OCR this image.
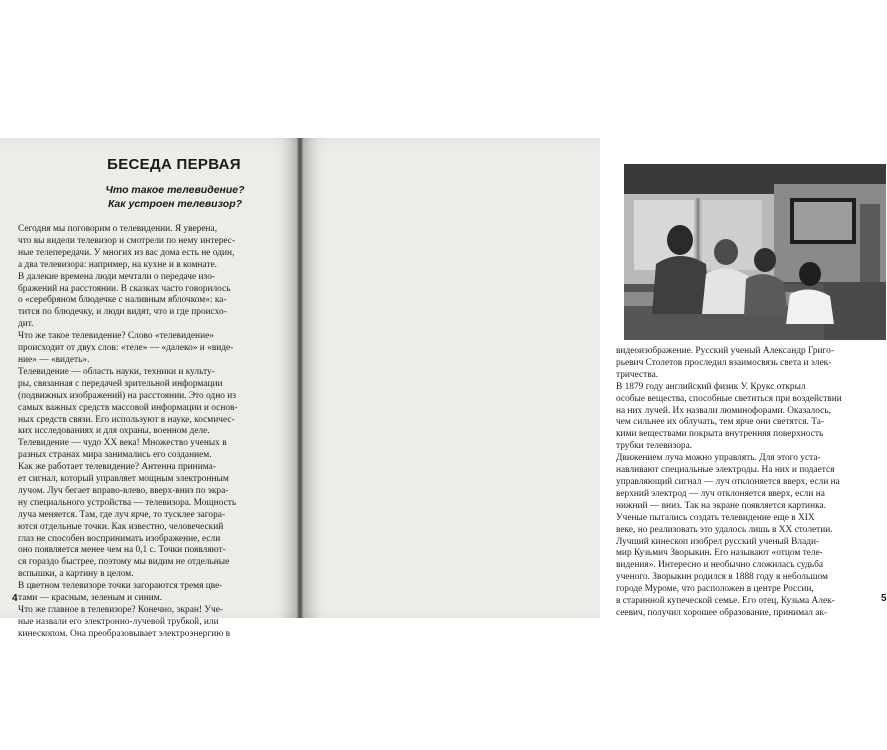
БЕСЕДА ПЕРВАЯ
Что такое телевидение?
Как устроен телевизор?
Сегодня мы поговорим о телевидении. Я уверена,
что вы видели телевизор и смотрели по нему интерес-
ные телепередачи. У многих из вас дома есть не один,
а два телевизора: например, на кухне и в комнате.
В далекие времена люди мечтали о передаче изо-
бражений на расстоянии. В сказках часто говорилось
о «серебряном блюдечке с наливным яблочком»: ка-
тится по блюдечку, и люди видят, что и где происхо-
дит.
Что же такое телевидение? Слово «телевидение»
происходит от двух слов: «теле» — «далеко» и «виде-
ние» — «видеть».
Телевидение — область науки, техники и культу-
ры, связанная с передачей зрительной информации
(подвижных изображений) на расстоянии. Это одно из
самых важных средств массовой информации и основ-
ных средств связи. Его используют в науке, космичес-
ких исследованиях и для охраны, военном деле.
Телевидение — чудо XX века! Множество ученых в
разных странах мира занимались его созданием.
Как же работает телевидение? Антенна принима-
ет сигнал, который управляет мощным электронным
лучом. Луч бегает вправо-влево, вверх-вниз по экра-
ну специального устройства — телевизора. Мощность
луча меняется. Там, где луч ярче, то тусклее загора-
ются отдельные точки. Как известно, человеческий
глаз не способен воспринимать изображение, если
оно появляется менее чем на 0,1 с. Точки появляют-
ся гораздо быстрее, поэтому мы видим не отдельные
вспышки, а картину в целом.
В цветном телевизоре точки загораются тремя цве-
тами — красным, зеленым и синим.
Что же главное в телевизоре? Конечно, экран! Уче-
ные назвали его электронно-лучевой трубкой, или
кинескопом. Она преобразовывает электроэнергию в
4
видеоизображение. Русский ученый Александр Григо-
рьевич Столетов проследил взаимосвязь света и элек-
тричества.
В 1879 году английский физик У. Крукс открыл
особые вещества, способные светиться при воздействии
на них лучей. Их назвали люминофорами. Оказалось,
чем сильнее их облучать, тем ярче они светятся. Та-
кими веществами покрыта внутренняя поверхность
трубки телевизора.
Движением луча можно управлять. Для этого уста-
навливают специальные электроды. На них и подается
управляющий сигнал — луч отклоняется вверх, если на
верхний электрод — луч отклоняется вверх, если на
нижний — вниз. Так на экране появляется картинка.
Ученые пытались создать телевидение еще в XIX
веке, но реализовать это удалось лишь в XX столетии.
Лучший кинескоп изобрел русский ученый Влади-
мир Кузьмич Зворыкин. Его называют «отцом теле-
видения». Интересно и необычно сложилась судьба
ученого. Зворыкин родился в 1888 году в небольшом
городе Муроме, что расположен в центре России,
в старинной купеческой семье. Его отец, Кузьма Алек-
сеевич, получил хорошее образование, принимал ак-
5
